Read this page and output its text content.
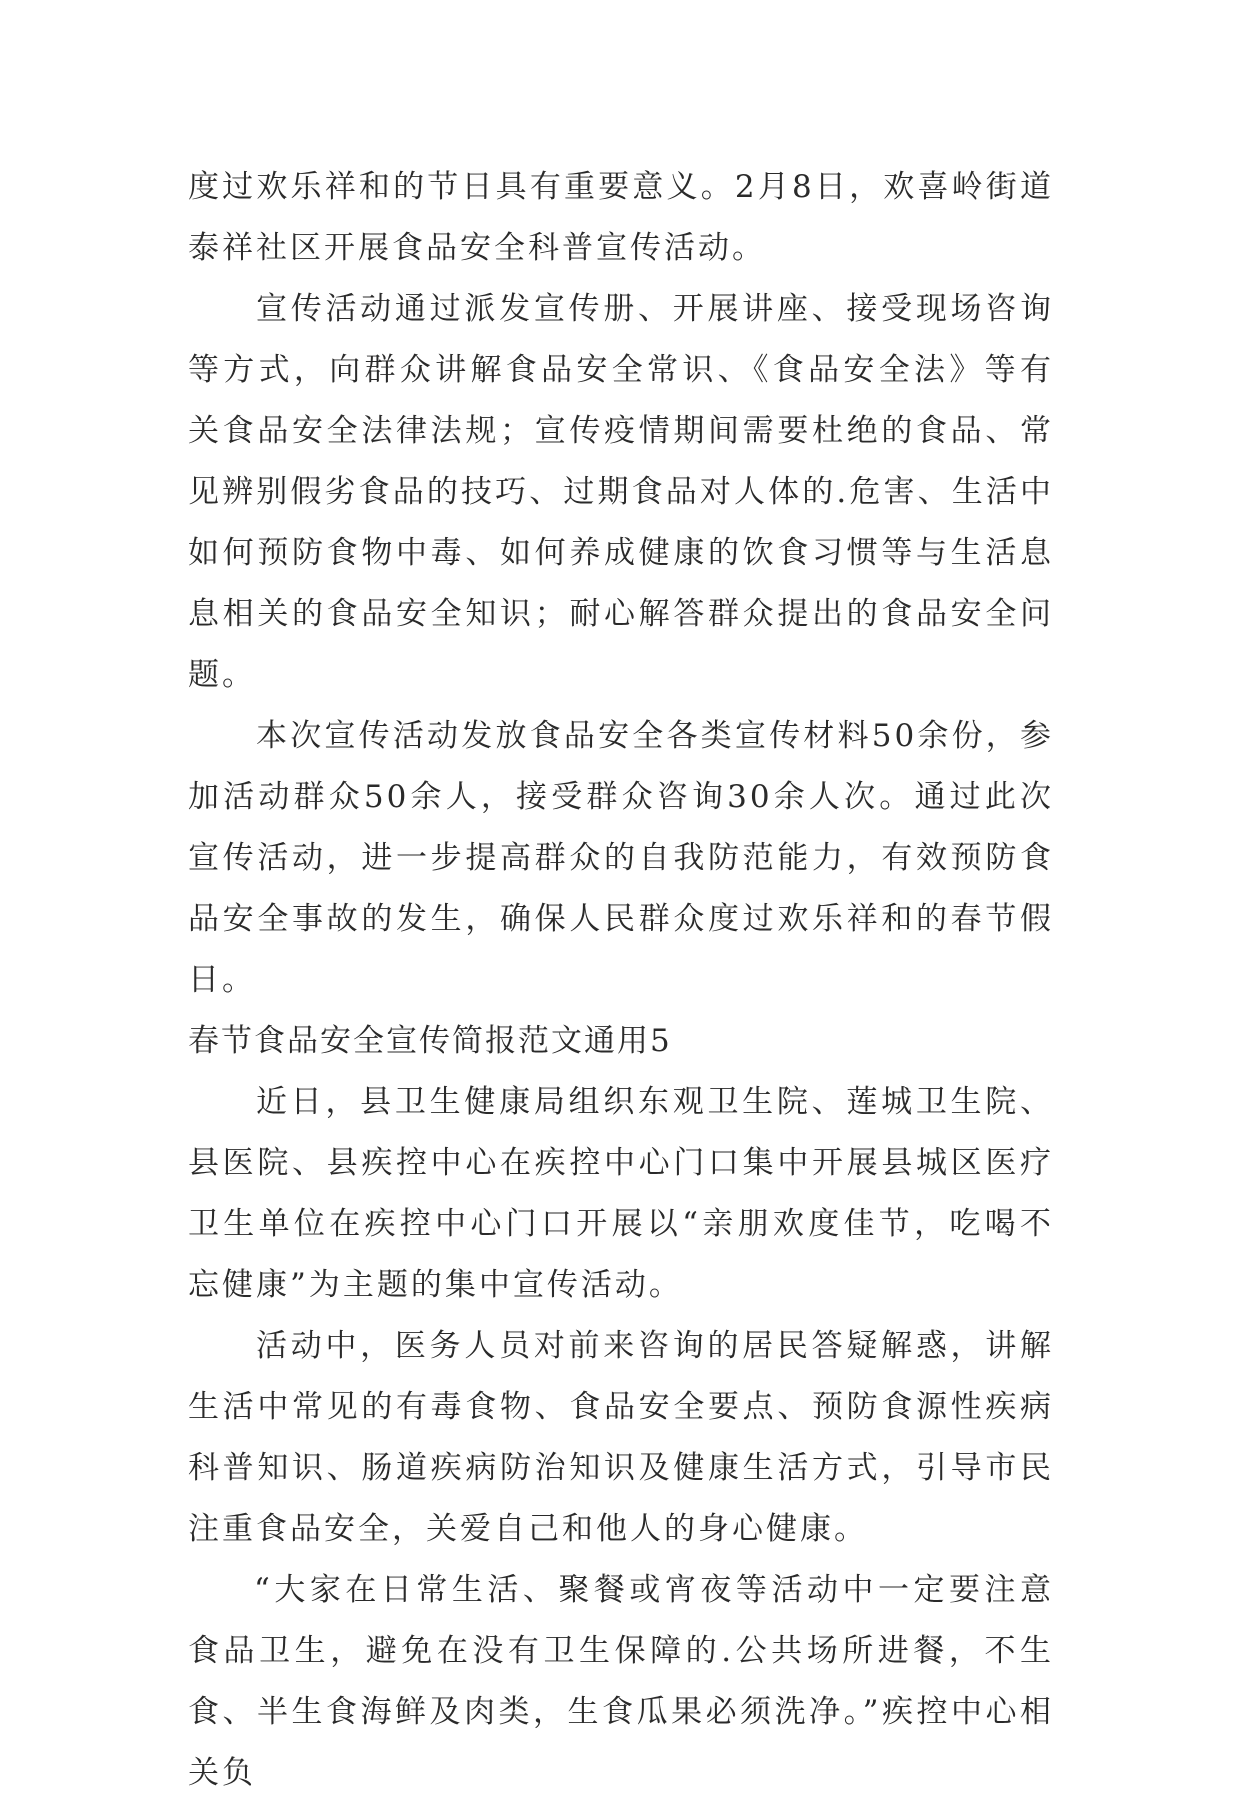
度过欢乐祥和的节日具有重要意义。2月8日，欢喜岭街道泰祥社区开展食品安全科普宣传活动。

宣传活动通过派发宣传册、开展讲座、接受现场咨询等方式，向群众讲解食品安全常识、《食品安全法》等有关食品安全法律法规；宣传疫情期间需要杜绝的食品、常见辨别假劣食品的技巧、过期食品对人体的.危害、生活中如何预防食物中毒、如何养成健康的饮食习惯等与生活息息相关的食品安全知识；耐心解答群众提出的食品安全问题。

本次宣传活动发放食品安全各类宣传材料50余份，参加活动群众50余人，接受群众咨询30余人次。通过此次宣传活动，进一步提高群众的自我防范能力，有效预防食品安全事故的发生，确保人民群众度过欢乐祥和的春节假日。

春节食品安全宣传简报范文通用5

近日，县卫生健康局组织东观卫生院、莲城卫生院、县医院、县疾控中心在疾控中心门口集中开展县城区医疗卫生单位在疾控中心门口开展以“亲朋欢度佳节，吃喝不忘健康”为主题的集中宣传活动。

活动中，医务人员对前来咨询的居民答疑解惑，讲解生活中常见的有毒食物、食品安全要点、预防食源性疾病科普知识、肠道疾病防治知识及健康生活方式，引导市民注重食品安全，关爱自己和他人的身心健康。

“大家在日常生活、聚餐或宵夜等活动中一定要注意食品卫生，避免在没有卫生保障的.公共场所进餐，不生食、半生食海鲜及肉类，生食瓜果必须洗净。”疾控中心相关负
